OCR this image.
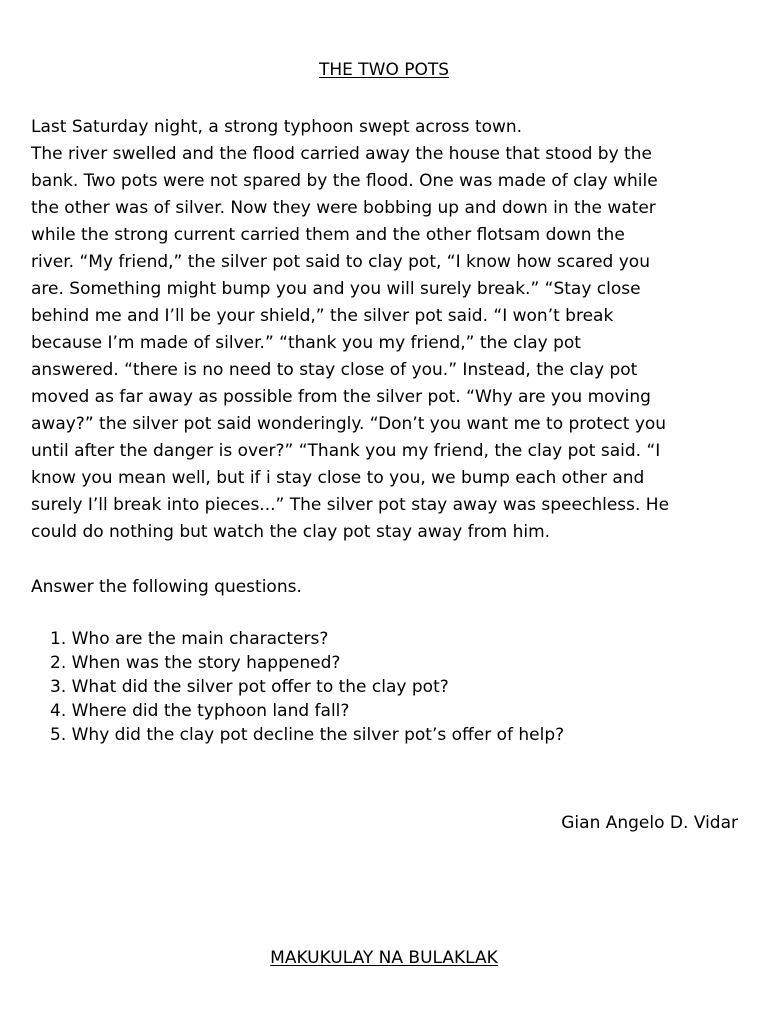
THE TWO POTS

Last Saturday night, a strong typhoon swept across town.

The river swelled and the flood carried away the house that stood by the

bank. Two pots were not spared by the flood. One was made of clay while

the other was of silver. Now they were bobbing up and down in the water

while the strong current carried them and the other flotsam down the

river. “My friend,” the silver pot said to clay pot, “I know how scared you

are. Something might bump you and you will surely break.” “Stay close

behind me and I’ll be your shield,” the silver pot said. “I won’t break

because I’m made of silver.” “thank you my friend,” the clay pot

answered. “there is no need to stay close of you.” Instead, the clay pot

moved as far away as possible from the silver pot. “Why are you moving

away?” the silver pot said wonderingly. “Don’t you want me to protect you

until after the danger is over?” “Thank you my friend, the clay pot said. “I

know you mean well, but if i stay close to you, we bump each other and

surely I’ll break into pieces...” The silver pot stay away was speechless. He

could do nothing but watch the clay pot stay away from him.

Answer the following questions.

1. Who are the main characters?
2. When was the story happened?
3. What did the silver pot offer to the clay pot?
4. Where did the typhoon land fall?
5. Why did the clay pot decline the silver pot’s offer of help?

Gian Angelo D. Vidar

MAKUKULAY NA BULAKLAK
